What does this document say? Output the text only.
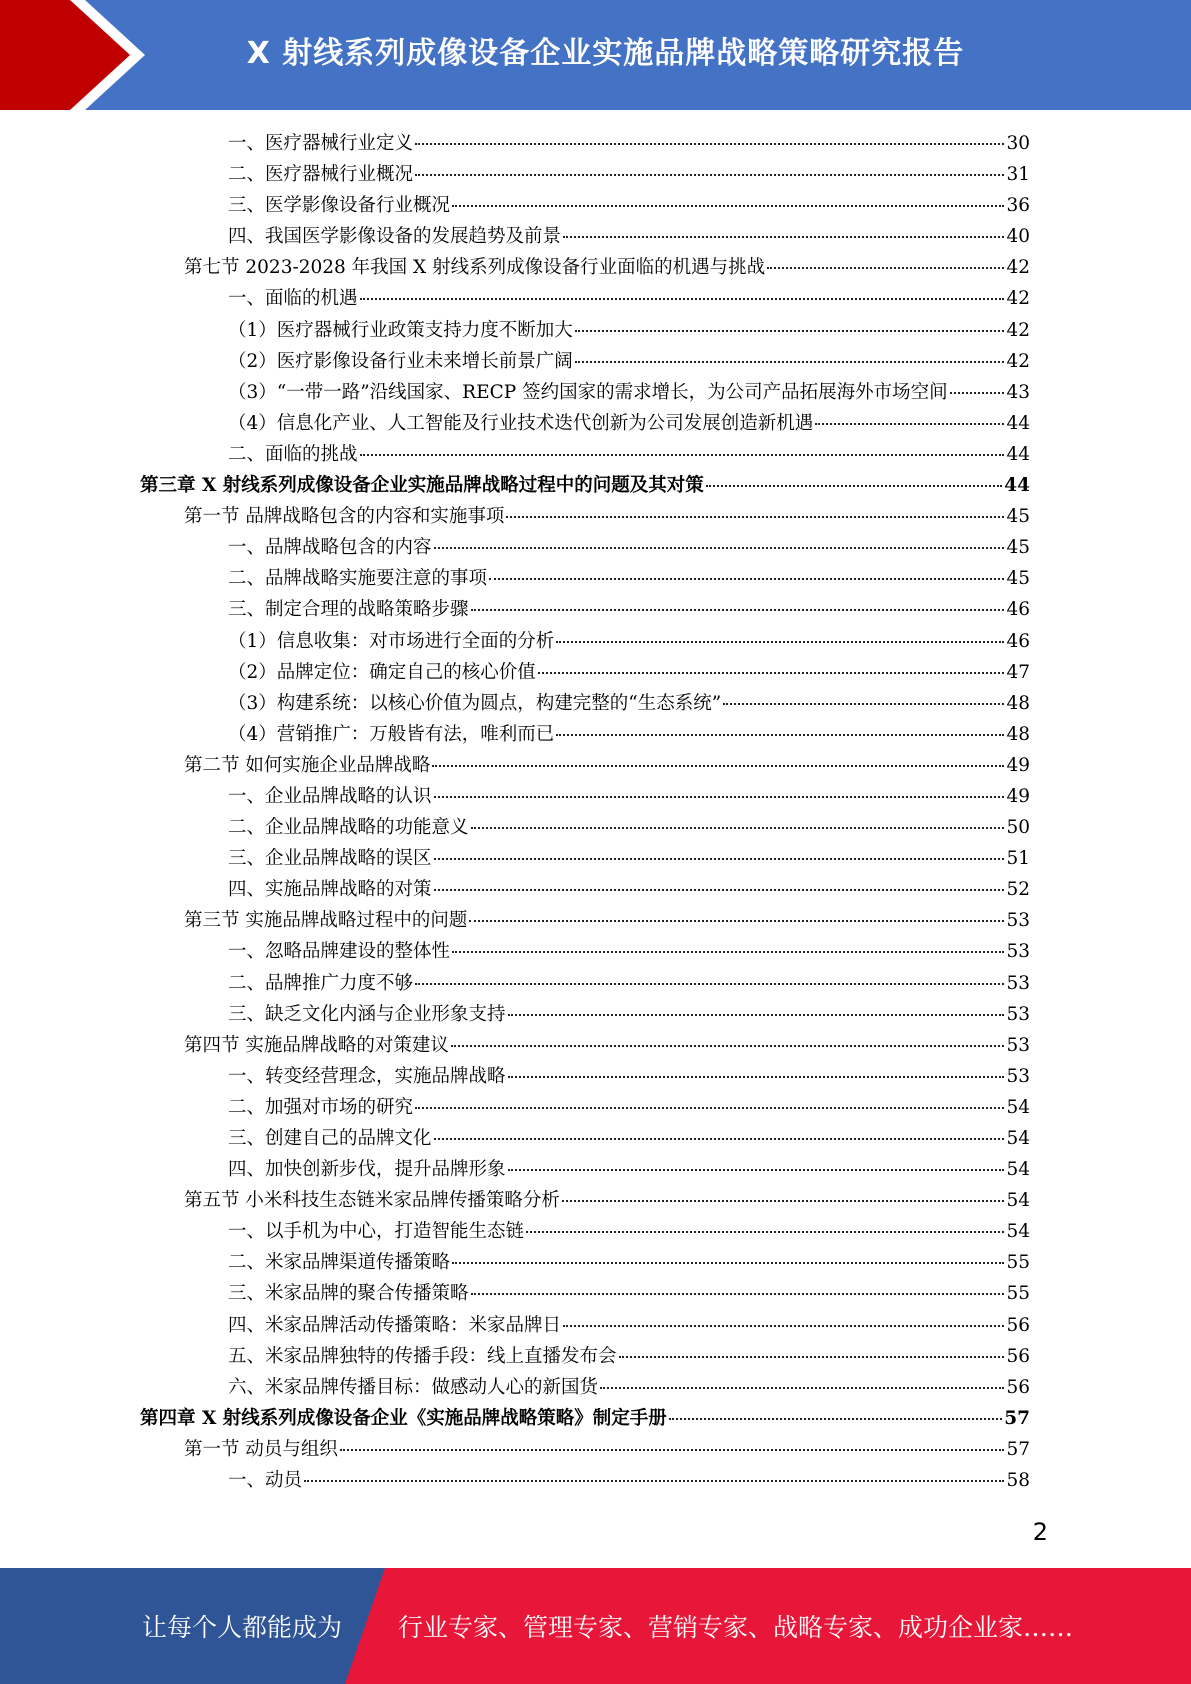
X 射线系列成像设备企业实施品牌战略策略研究报告
一、医疗器械行业定义	30
二、医疗器械行业概况	31
三、医学影像设备行业概况	36
四、我国医学影像设备的发展趋势及前景	40
第七节 2023-2028 年我国 X 射线系列成像设备行业面临的机遇与挑战	42
一、面临的机遇	42
（1）医疗器械行业政策支持力度不断加大	42
（2）医疗影像设备行业未来增长前景广阔	42
（3）“一带一路”沿线国家、RECP 签约国家的需求增长，为公司产品拓展海外市场空间	43
（4）信息化产业、人工智能及行业技术迭代创新为公司发展创造新机遇	44
二、面临的挑战	44
第三章 X 射线系列成像设备企业实施品牌战略过程中的问题及其对策	44
第一节 品牌战略包含的内容和实施事项	45
一、品牌战略包含的内容	45
二、品牌战略实施要注意的事项	45
三、制定合理的战略策略步骤	46
（1）信息收集：对市场进行全面的分析	46
（2）品牌定位：确定自己的核心价值	47
（3）构建系统：以核心价值为圆点，构建完整的“生态系统”	48
（4）营销推广：万般皆有法，唯利而已	48
第二节 如何实施企业品牌战略	49
一、企业品牌战略的认识	49
二、企业品牌战略的功能意义	50
三、企业品牌战略的误区	51
四、实施品牌战略的对策	52
第三节 实施品牌战略过程中的问题	53
一、忽略品牌建设的整体性	53
二、品牌推广力度不够	53
三、缺乏文化内涵与企业形象支持	53
第四节 实施品牌战略的对策建议	53
一、转变经营理念，实施品牌战略	53
二、加强对市场的研究	54
三、创建自己的品牌文化	54
四、加快创新步伐，提升品牌形象	54
第五节 小米科技生态链米家品牌传播策略分析	54
一、以手机为中心，打造智能生态链	54
二、米家品牌渠道传播策略	55
三、米家品牌的聚合传播策略	55
四、米家品牌活动传播策略：米家品牌日	56
五、米家品牌独特的传播手段：线上直播发布会	56
六、米家品牌传播目标：做感动人心的新国货	56
第四章 X 射线系列成像设备企业《实施品牌战略策略》制定手册	57
第一节 动员与组织	57
一、动员	58
2
让每个人都能成为 行业专家、管理专家、营销专家、战略专家、成功企业家……
